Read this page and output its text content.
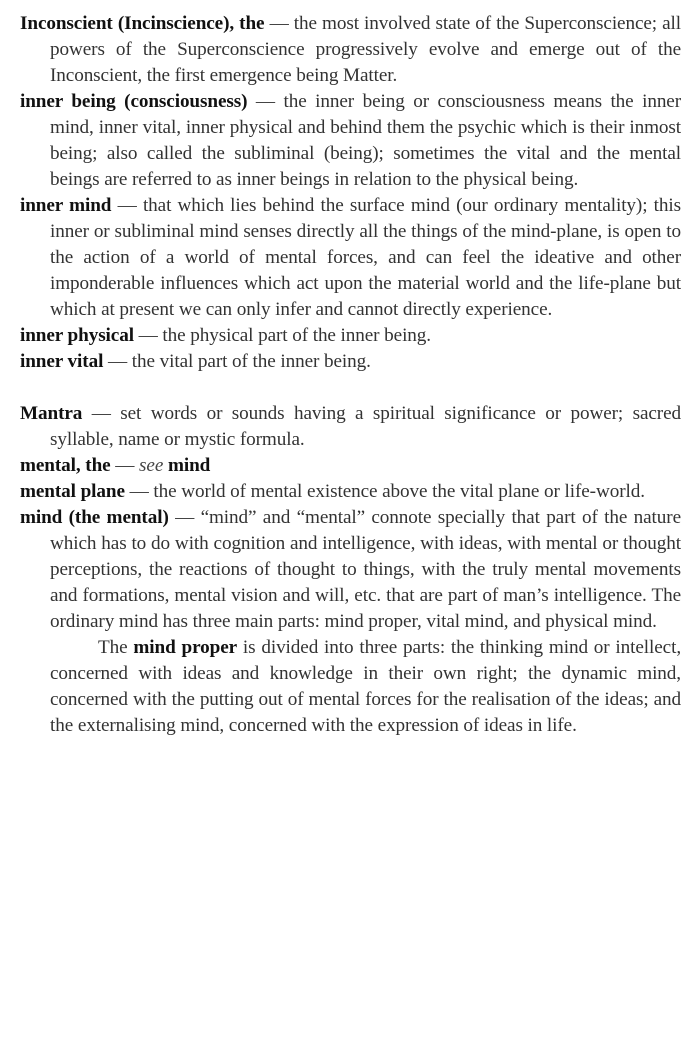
Inconscient (Incinscience), the — the most involved state of the Superconscience; all powers of the Superconscience progressively evolve and emerge out of the Inconscient, the first emergence being Matter.

inner being (consciousness) — the inner being or consciousness means the inner mind, inner vital, inner physical and behind them the psychic which is their inmost being; also called the subliminal (being); sometimes the vital and the mental beings are referred to as inner beings in relation to the physical being.

inner mind — that which lies behind the surface mind (our ordinary mentality); this inner or subliminal mind senses directly all the things of the mind-plane, is open to the action of a world of mental forces, and can feel the ideative and other imponderable influences which act upon the material world and the life-plane but which at present we can only infer and cannot directly experience.

inner physical — the physical part of the inner being.

inner vital — the vital part of the inner being.

Mantra — set words or sounds having a spiritual significance or power; sacred syllable, name or mystic formula.

mental, the — see mind

mental plane — the world of mental existence above the vital plane or life-world.

mind (the mental) — “mind” and “mental” connote specially that part of the nature which has to do with cognition and intelligence, with ideas, with mental or thought perceptions, the reactions of thought to things, with the truly mental movements and formations, mental vision and will, etc. that are part of man’s intelligence. The ordinary mind has three main parts: mind proper, vital mind, and physical mind.

The mind proper is divided into three parts: the thinking mind or intellect, concerned with ideas and knowledge in their own right; the dynamic mind, concerned with the putting out of mental forces for the realisation of the ideas; and the externalising mind, concerned with the expression of ideas in life.
